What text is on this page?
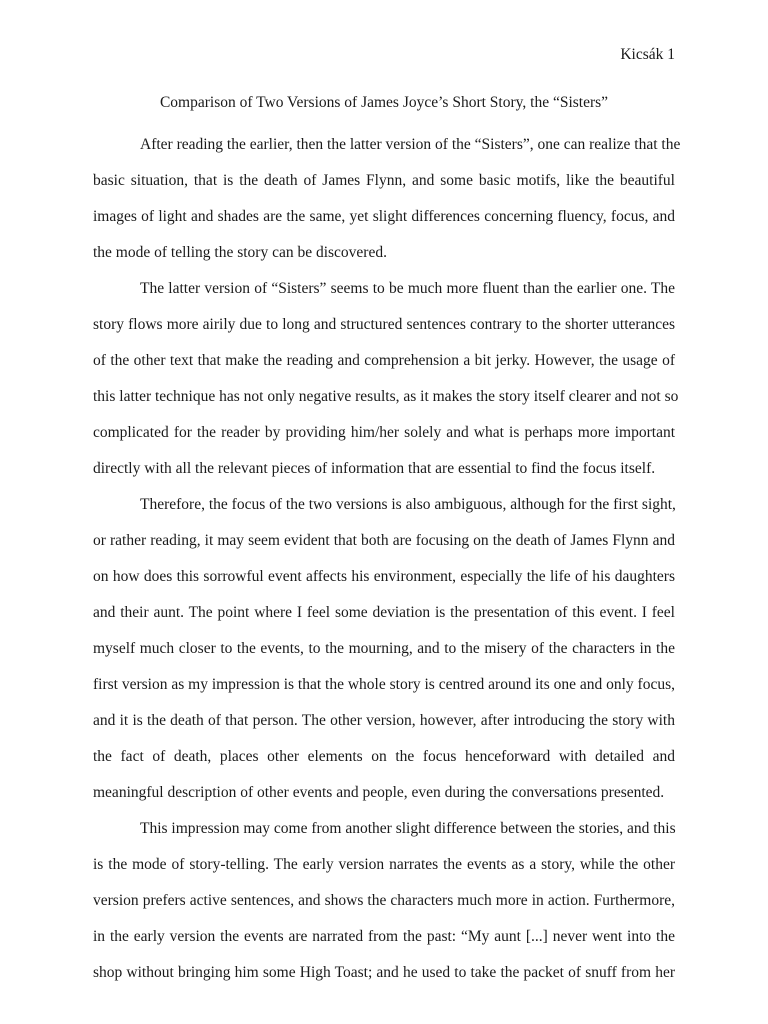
Kicsák 1
Comparison of Two Versions of James Joyce’s Short Story, the “Sisters”
After reading the earlier, then the latter version of the “Sisters”, one can realize that the
basic situation, that is the death of James Flynn, and some basic motifs, like the beautiful
images of light and shades are the same, yet slight differences concerning fluency, focus, and
the mode of telling the story can be discovered.
The latter version of “Sisters” seems to be much more fluent than the earlier one. The
story flows more airily due to long and structured sentences contrary to the shorter utterances
of the other text that make the reading and comprehension a bit jerky. However, the usage of
this latter technique has not only negative results, as it makes the story itself clearer and not so
complicated for the reader by providing him/her solely and what is perhaps more important
directly with all the relevant pieces of information that are essential to find the focus itself.
Therefore, the focus of the two versions is also ambiguous, although for the first sight,
or rather reading, it may seem evident that both are focusing on the death of James Flynn and
on how does this sorrowful event affects his environment, especially the life of his daughters
and their aunt. The point where I feel some deviation is the presentation of this event. I feel
myself much closer to the events, to the mourning, and to the misery of the characters in the
first version as my impression is that the whole story is centred around its one and only focus,
and it is the death of that person. The other version, however, after introducing the story with
the fact of death, places other elements on the focus henceforward with detailed and
meaningful description of other events and people, even during the conversations presented.
This impression may come from another slight difference between the stories, and this
is the mode of story-telling. The early version narrates the events as a story, while the other
version prefers active sentences, and shows the characters much more in action. Furthermore,
in the early version the events are narrated from the past: “My aunt [...] never went into the
shop without bringing him some High Toast; and he used to take the packet of snuff from her
